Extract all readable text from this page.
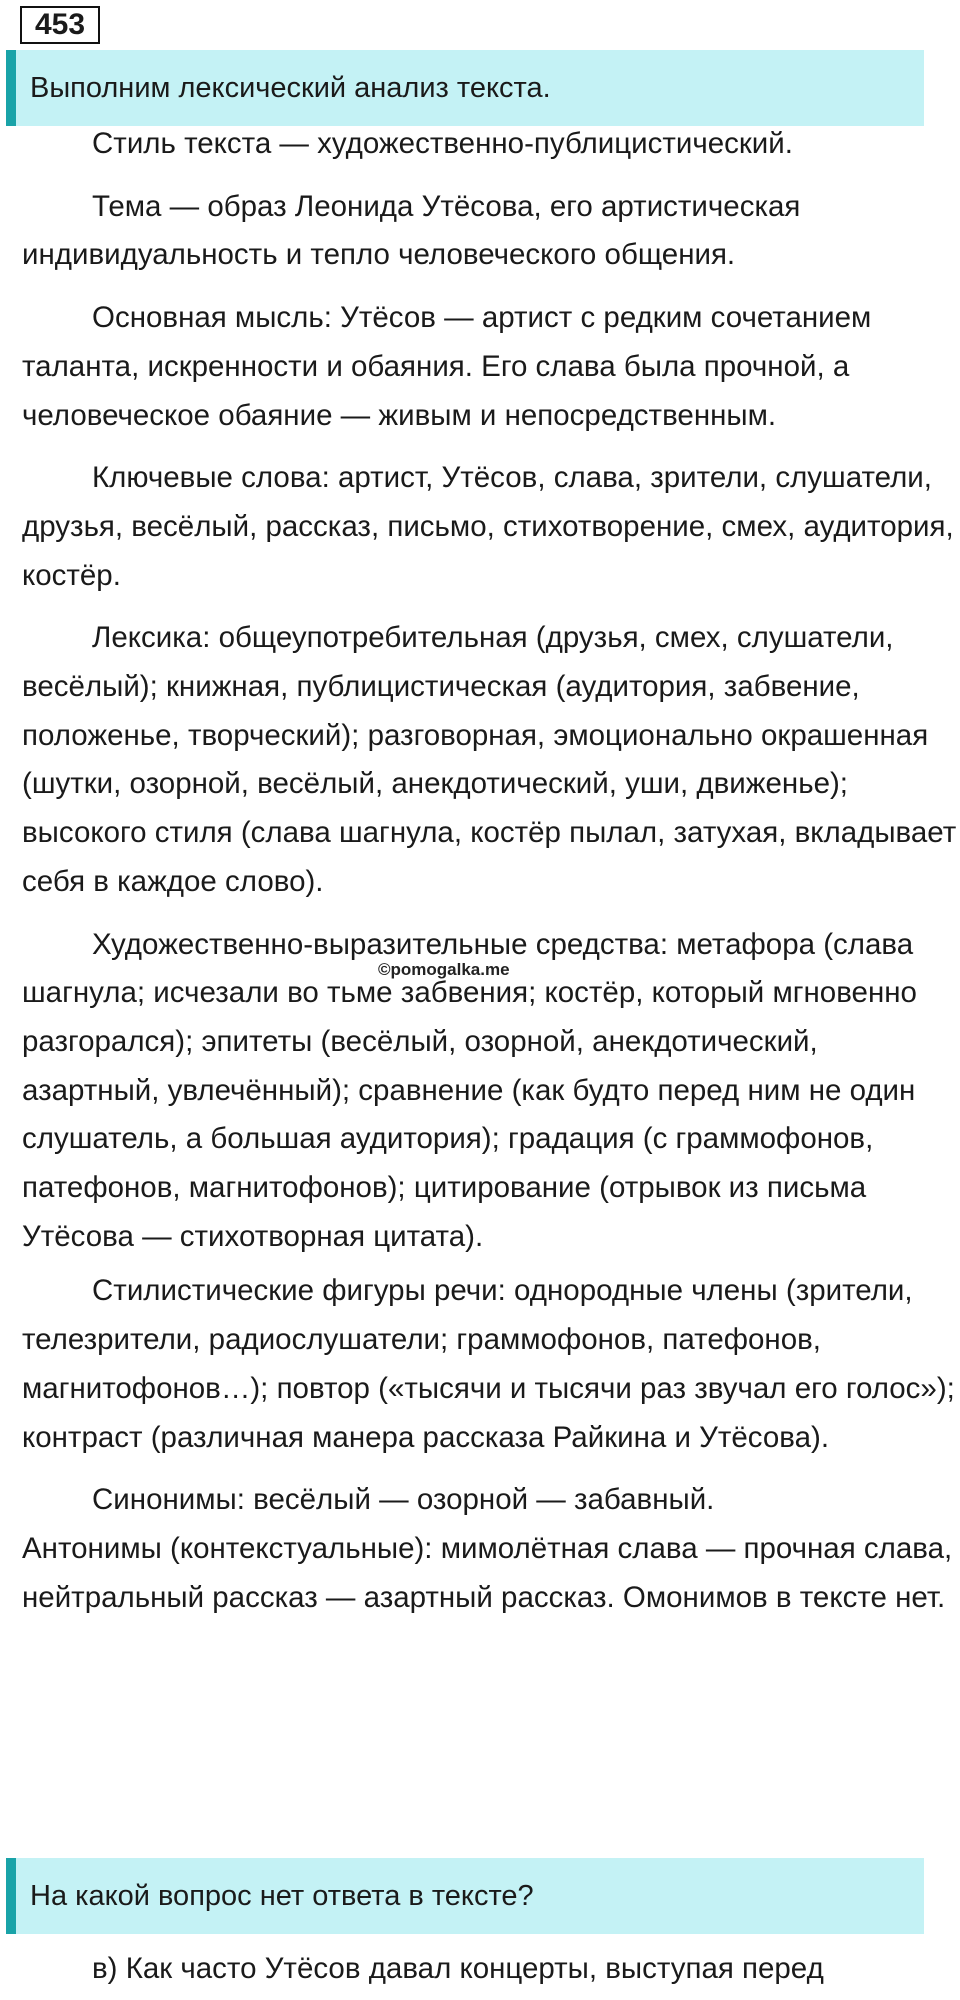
453
Выполним лексический анализ текста.

Стиль текста — художественно-публицистический.

Тема — образ Леонида Утёсова, его артистическая индивидуальность и тепло человеческого общения.

Основная мысль: Утёсов — артист с редким сочетанием таланта, искренности и обаяния. Его слава была прочной, а человеческое обаяние — живым и непосредственным.

Ключевые слова: артист, Утёсов, слава, зрители, слушатели, друзья, весёлый, рассказ, письмо, стихотворение, смех, аудитория, костёр.

Лексика: общеупотребительная (друзья, смех, слушатели, весёлый); книжная, публицистическая (аудитория, забвение, положенье, творческий); разговорная, эмоционально окрашенная (шутки, озорной, весёлый, анекдотический, уши, движенье); высокого стиля (слава шагнула, костёр пылал, затухая, вкладывает себя в каждое слово).

Художественно-выразительные средства: метафора (слава шагнула; исчезали во тьме забвения; костёр, который мгновенно разгорался); эпитеты (весёлый, озорной, анекдотический, азартный, увлечённый); сравнение (как будто перед ним не один слушатель, а большая аудитория); градация (с граммофонов, патефонов, магнитофонов); цитирование (отрывок из письма Утёсова — стихотворная цитата).

Стилистические фигуры речи: однородные члены (зрители, телезрители, радиослушатели; граммофонов, патефонов, магнитофонов…); повтор («тысячи и тысячи раз звучал его голос»); контраст (различная манера рассказа Райкина и Утёсова).

Синонимы: весёлый — озорной — забавный.

Антонимы (контекстуальные): мимолётная слава — прочная слава, нейтральный рассказ — азартный рассказ. Омонимов в тексте нет.

©pomogalka.me
На какой вопрос нет ответа в тексте?
в) Как часто Утёсов давал концерты, выступая перед
